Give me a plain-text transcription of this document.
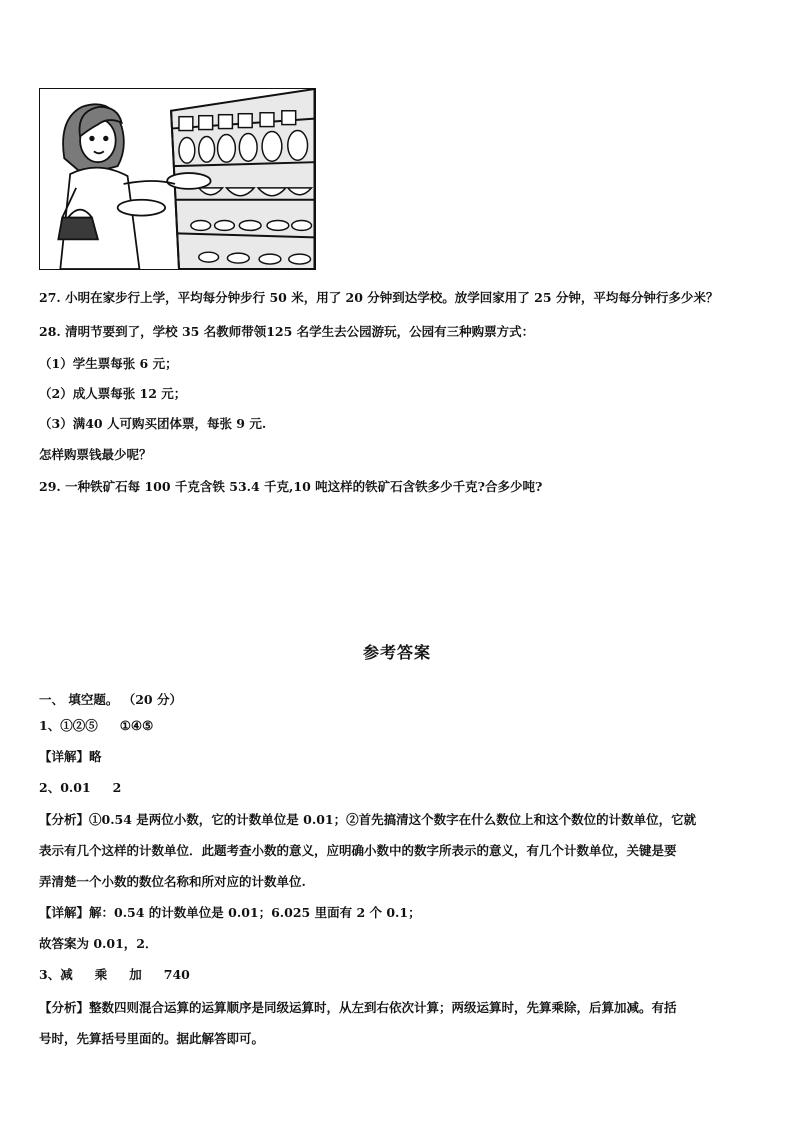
27. 小明在家步行上学，平均每分钟步行 50 米，用了 20 分钟到达学校。放学回家用了 25 分钟，平均每分钟行多少米？
28. 清明节要到了，学校 35 名教师带领125 名学生去公园游玩，公园有三种购票方式：
（1）学生票每张 6 元；
（2）成人票每张 12 元；
（3）满40 人可购买团体票，每张 9 元.
怎样购票钱最少呢？
29. 一种铁矿石每 100 千克含铁 53.4 千克,10 吨这样的铁矿石含铁多少千克?合多少吨?
参考答案
一、 填空题。 （20 分）
1、①②⑤ ①④⑤
【详解】略
2、0.01 2
【分析】①0.54 是两位小数，它的计数单位是 0.01；②首先搞清这个数字在什么数位上和这个数位的计数单位，它就
表示有几个这样的计数单位．此题考查小数的意义，应明确小数中的数字所表示的意义，有几个计数单位，关键是要
弄清楚一个小数的数位名称和所对应的计数单位.
【详解】解：0.54 的计数单位是 0.01；6.025 里面有 2 个 0.1；
故答案为 0.01，2．
3、减 乘 加 740
【分析】整数四则混合运算的运算顺序是同级运算时，从左到右依次计算；两级运算时，先算乘除，后算加减。有括
号时，先算括号里面的。据此解答即可。
